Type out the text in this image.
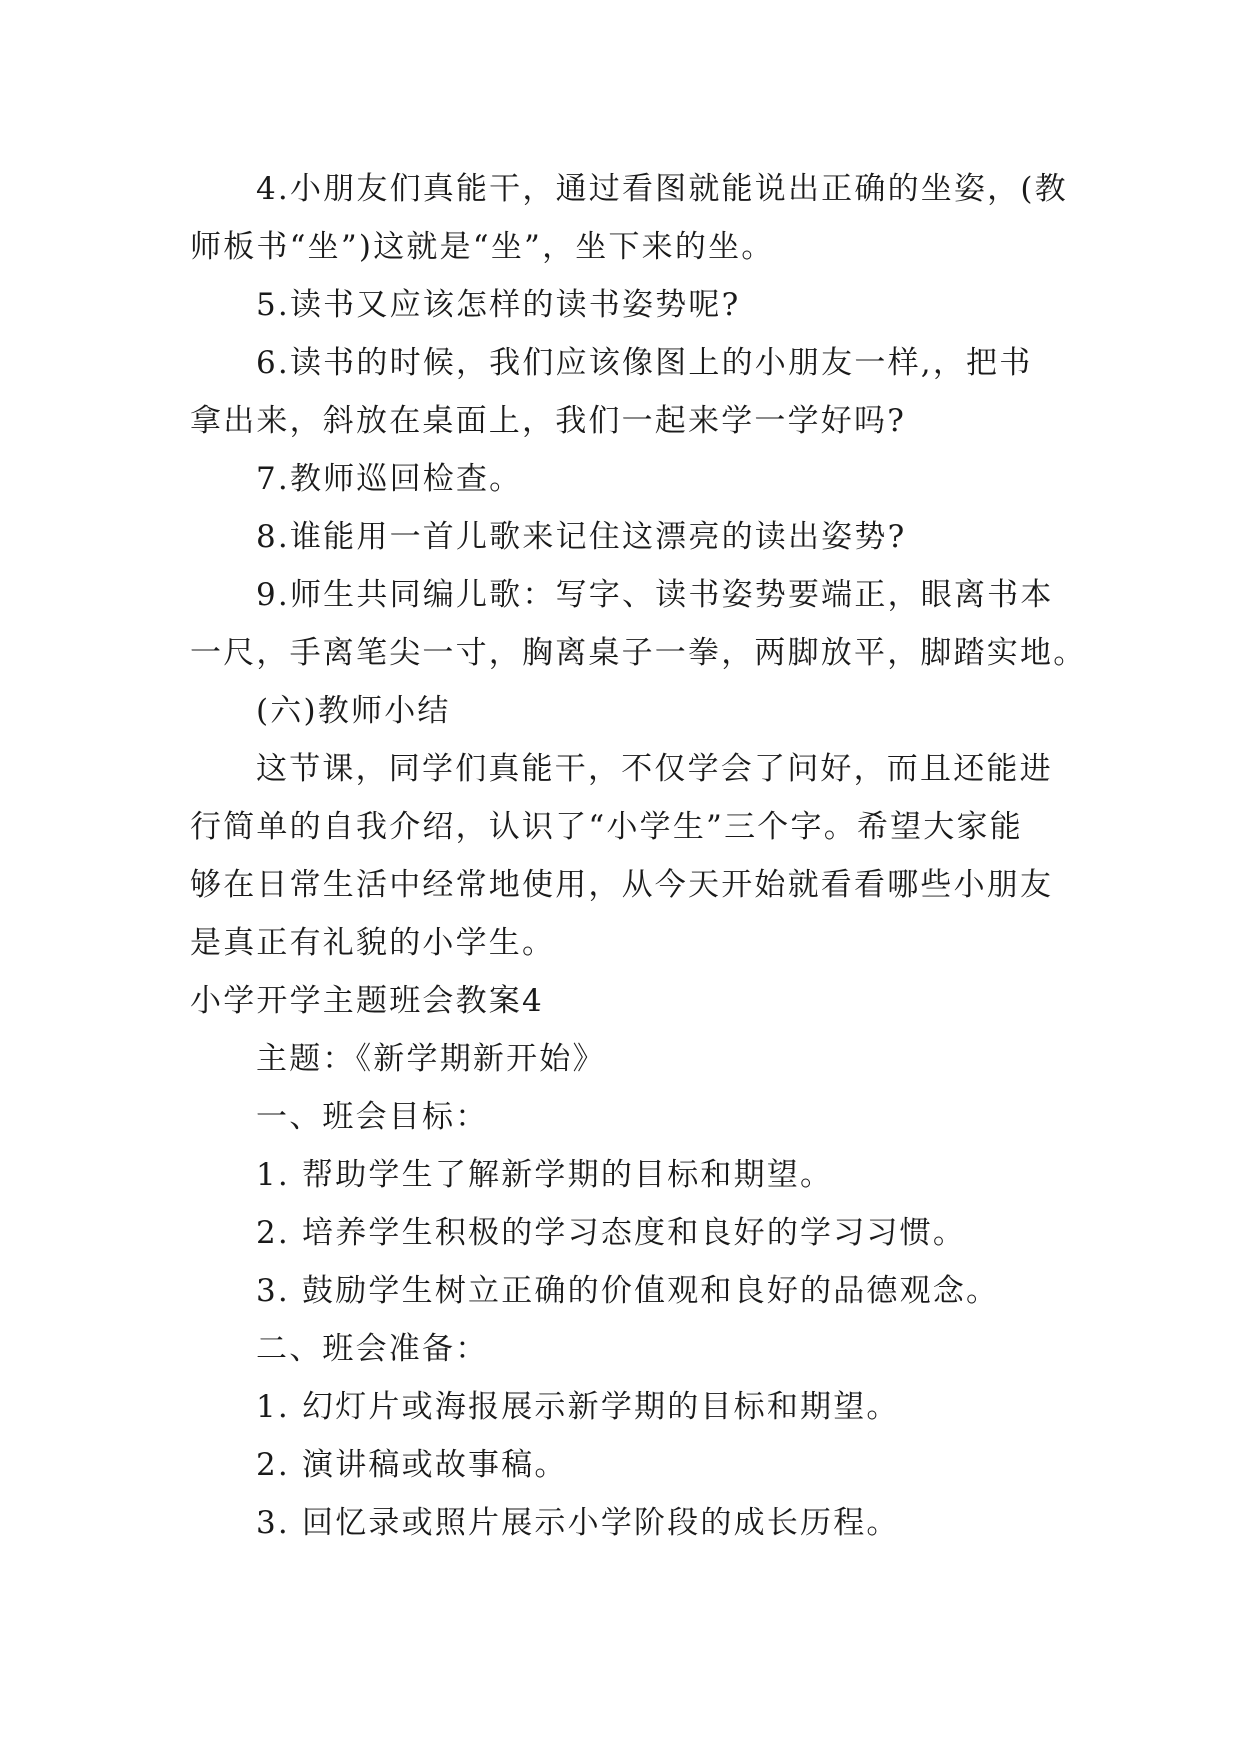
4.小朋友们真能干，通过看图就能说出正确的坐姿，(教
师板书“坐”)这就是“坐”，坐下来的坐。
5.读书又应该怎样的读书姿势呢?
6.读书的时候，我们应该像图上的小朋友一样,，把书
拿出来，斜放在桌面上，我们一起来学一学好吗?
7.教师巡回检查。
8.谁能用一首儿歌来记住这漂亮的读出姿势?
9.师生共同编儿歌：写字、读书姿势要端正，眼离书本
一尺，手离笔尖一寸，胸离桌子一拳，两脚放平，脚踏实地。
(六)教师小结
这节课，同学们真能干，不仅学会了问好，而且还能进
行简单的自我介绍，认识了“小学生”三个字。希望大家能
够在日常生活中经常地使用，从今天开始就看看哪些小朋友
是真正有礼貌的小学生。
小学开学主题班会教案4
主题：《新学期新开始》
一、班会目标：
1. 帮助学生了解新学期的目标和期望。
2. 培养学生积极的学习态度和良好的学习习惯。
3. 鼓励学生树立正确的价值观和良好的品德观念。
二、班会准备：
1. 幻灯片或海报展示新学期的目标和期望。
2. 演讲稿或故事稿。
3. 回忆录或照片展示小学阶段的成长历程。
